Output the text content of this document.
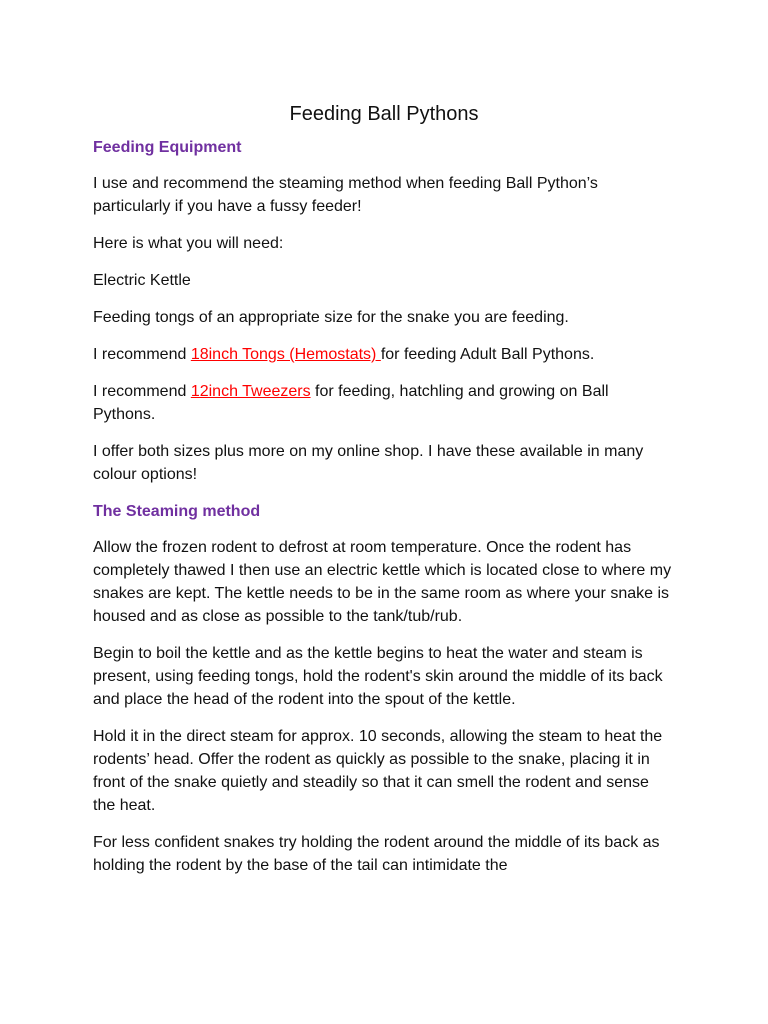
Feeding Ball Pythons
Feeding Equipment

I use and recommend the steaming method when feeding Ball Python’s particularly if you have a fussy feeder!

Here is what you will need:

Electric Kettle

Feeding tongs of an appropriate size for the snake you are feeding.

I recommend 18inch Tongs (Hemostats) for feeding Adult Ball Pythons.

I recommend 12inch Tweezers for feeding, hatchling and growing on Ball Pythons.

I offer both sizes plus more on my online shop. I have these available in many colour options!

The Steaming method

Allow the frozen rodent to defrost at room temperature. Once the rodent has completely thawed I then use an electric kettle which is located close to where my snakes are kept. The kettle needs to be in the same room as where your snake is housed and as close as possible to the tank/tub/rub.

Begin to boil the kettle and as the kettle begins to heat the water and steam is present, using feeding tongs, hold the rodent's skin around the middle of its back and place the head of the rodent into the spout of the kettle.

Hold it in the direct steam for approx. 10 seconds, allowing the steam to heat the rodents’ head. Offer the rodent as quickly as possible to the snake, placing it in front of the snake quietly and steadily so that it can smell the rodent and sense the heat.

For less confident snakes try holding the rodent around the middle of its back as holding the rodent by the base of the tail can intimidate the
